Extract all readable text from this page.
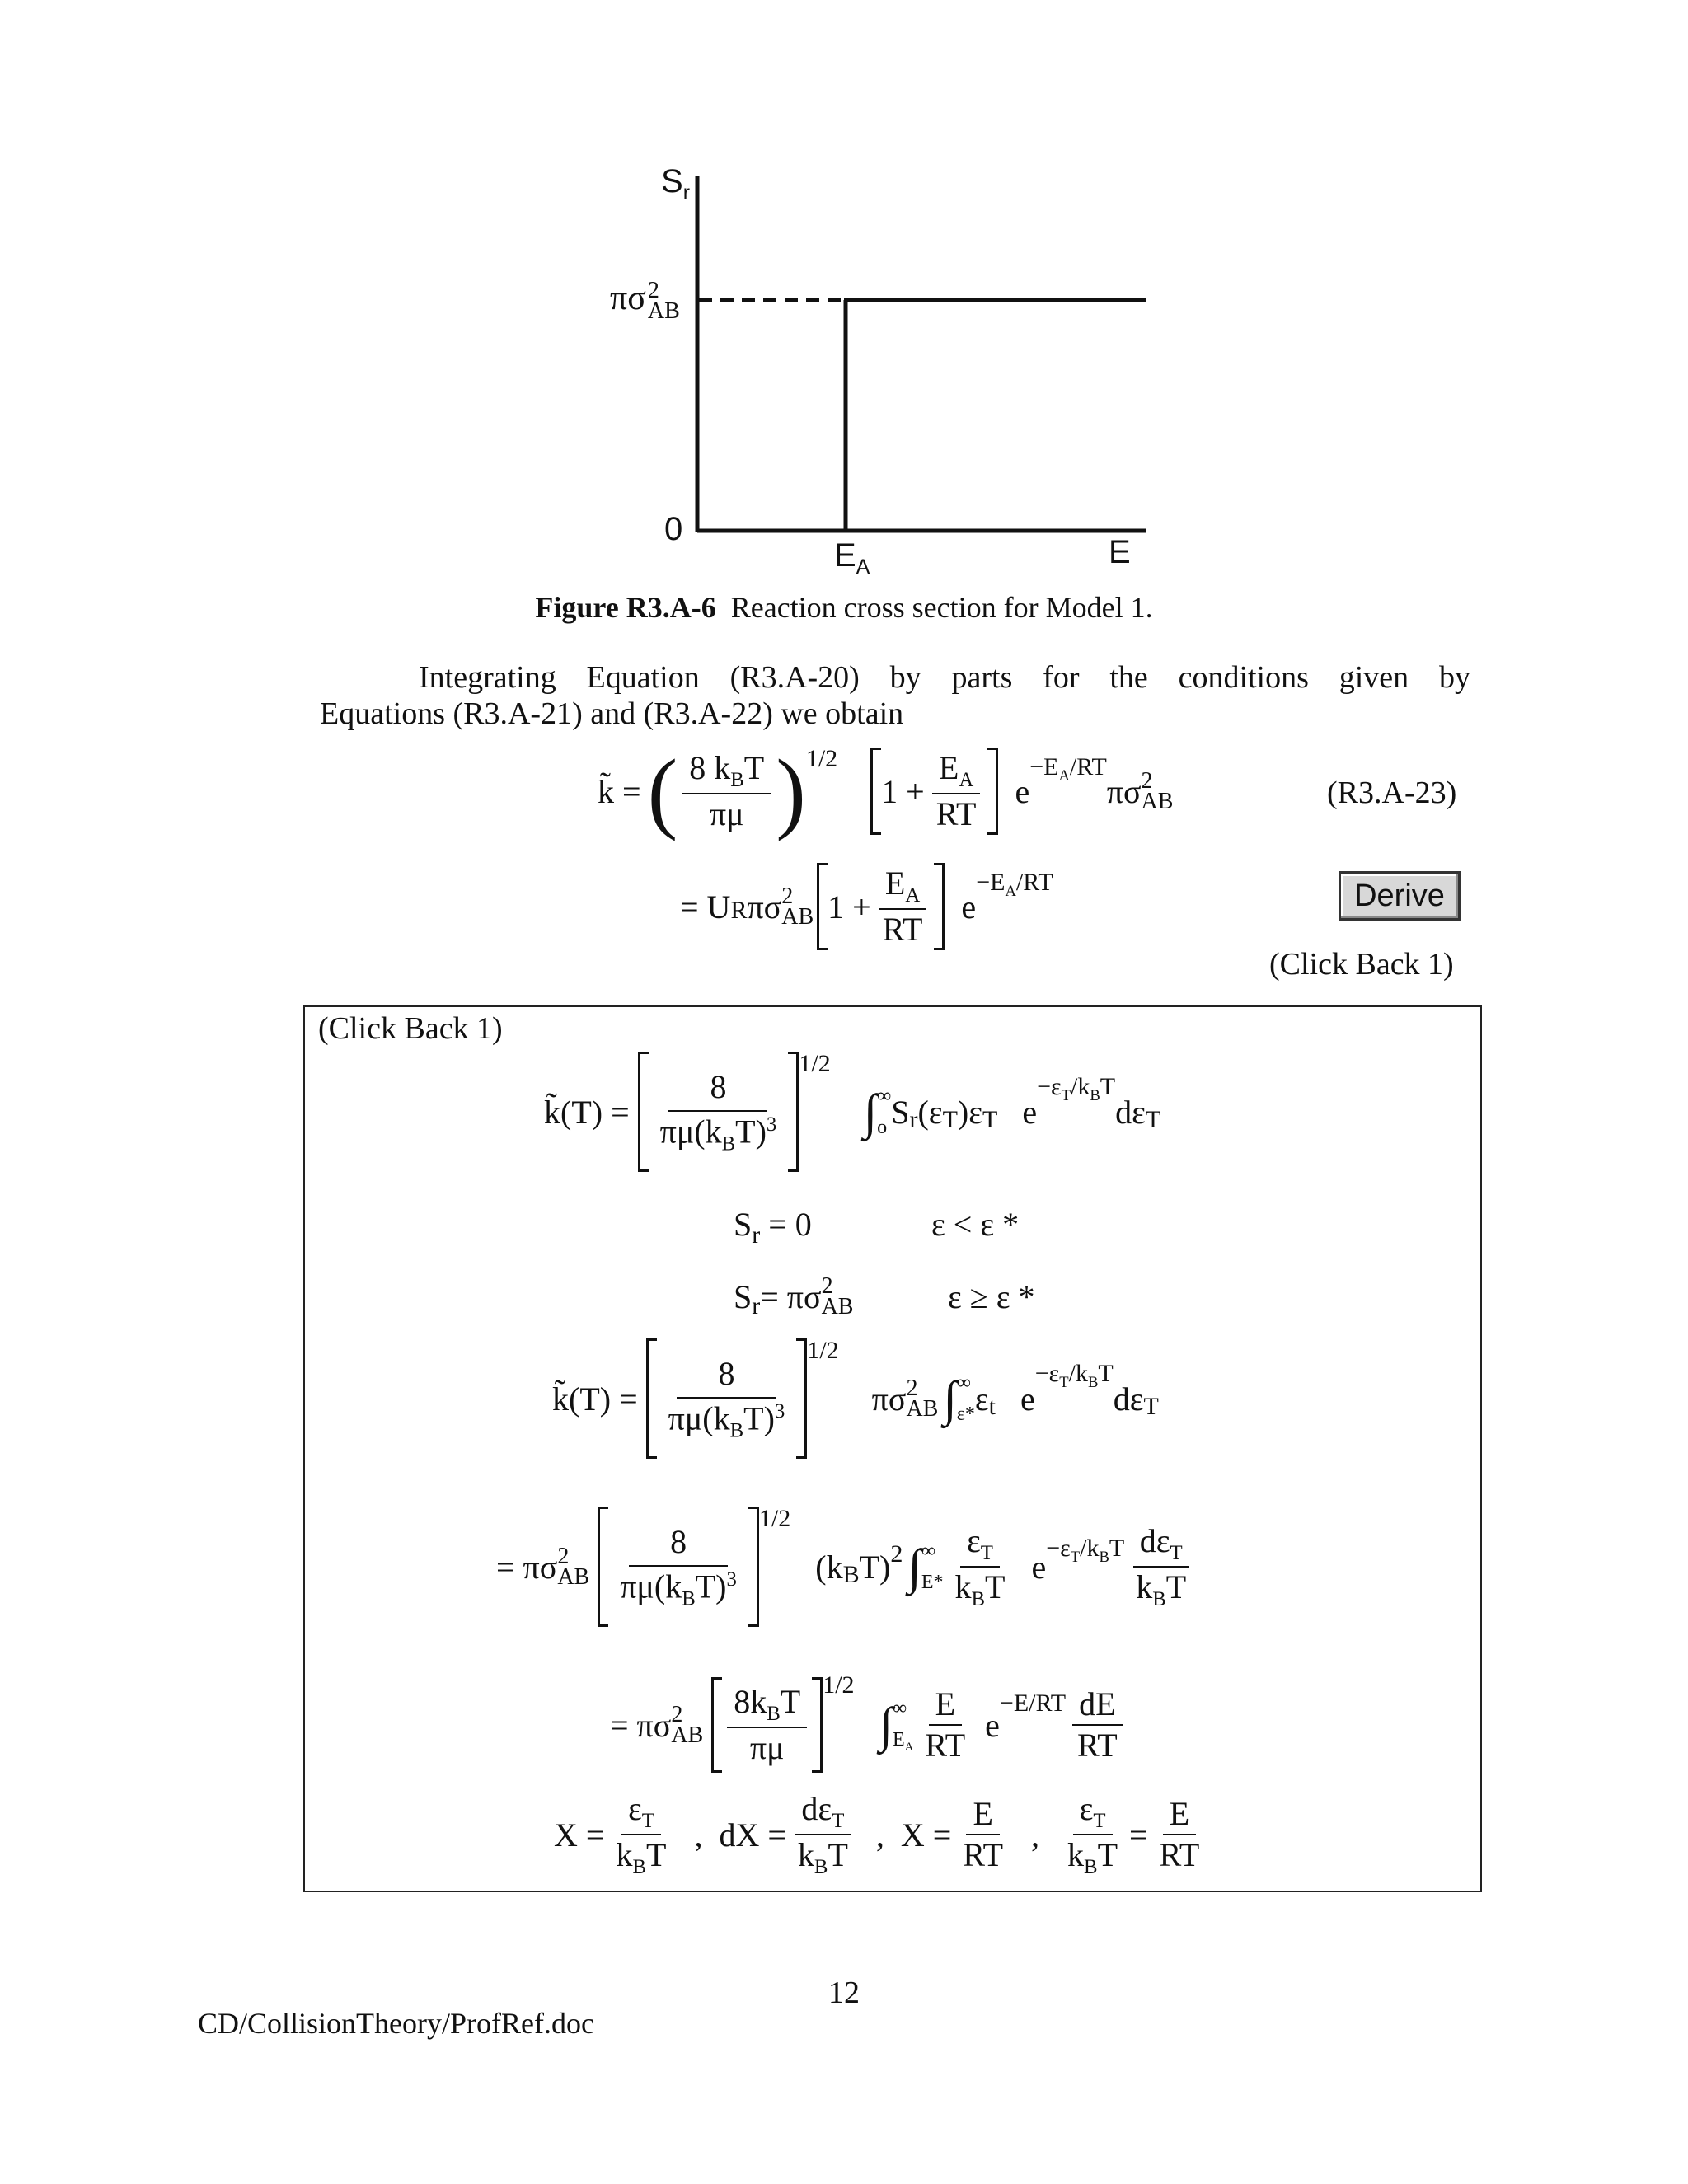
$S_r$
πσ 2
AB
0
$E_A$	E
Figure R3.A-6 Reaction cross section for Model 1.
Integrating Equation (R3.A-20) by parts for the conditions given by
Equations (R3.A-21) and (R3.A-22) we obtain
k̃ = ( $\frac{8 k_BT}{\pi\mu}$ ) 1/2
$1 + \frac{E_A}{RT}$ e
$-E_A/RT$
πσ 2
AB	(R3.A-23)
= U R πσ 2
AB $1 + \frac{E_A}{RT}$ e
$-E_A/RT$	Derive
(Click Back 1)
(Click Back 1)
k̃(T) = $\frac{8}{\pi\mu(k_BT)^3}$
1/2
∫ ∞
o $S_r$ ($\varepsilon_T$ )$\varepsilon_T$ e
$-\varepsilon_T/k_BT$
$d\varepsilon_T$
$S_r = 0$	ε < ε *
$S_r = \pi\sigma$ 2
AB	ε ≥ ε *
k̃(T) = $\frac{8}{\pi\mu(k_BT)^3}$
1/2
πσ 2
AB ∫ ∞
ε* $\varepsilon_t$ e
$-\varepsilon_T/k_BT$
$d\varepsilon_T$
= πσ 2
AB $\frac{8}{\pi\mu(k_BT)^3}$
1/2
($k_B$ T)$^2$ ∫ ∞
$E* \frac{\varepsilon_T}{k_BT}$ $e -\varepsilon_T/k_BT \frac{d\varepsilon_T}{k_BT}$
= πσ 2
AB $\frac{8k_BT}{\pi\mu} 1/2$
∫ ∞
$E_A \frac{E}{RT}$ e
$-E/RT \frac{dE}{RT}$
$X = \frac{\varepsilon_T}{k_BT}$ , dX = $\frac{d\varepsilon_T}{k_BT}$ , $X = \frac{E}{RT}$ , $\frac{\varepsilon_T}{k_BT} = \frac{E}{RT}$
12
CD/CollisionTheory/ProfRef.doc
